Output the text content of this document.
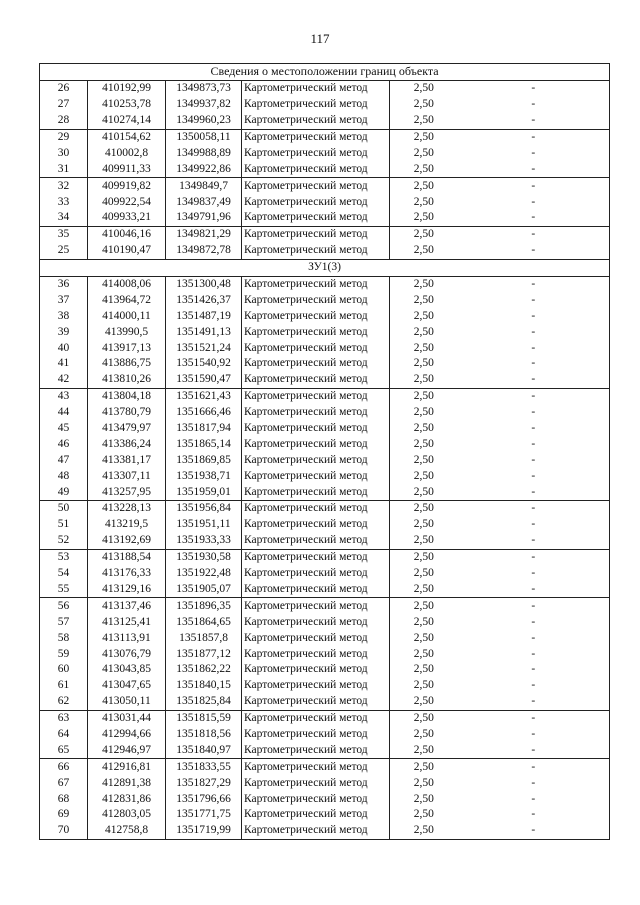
117
Сведения о местоположении границ объекта					
26	410192,99	1349873,73	Картометрический метод	2,50	-
27	410253,78	1349937,82	Картометрический метод	2,50	-
28	410274,14	1349960,23	Картометрический метод	2,50	-
29	410154,62	1350058,11	Картометрический метод	2,50	-
30	410002,8	1349988,89	Картометрический метод	2,50	-
31	409911,33	1349922,86	Картометрический метод	2,50	-
32	409919,82	1349849,7	Картометрический метод	2,50	-
33	409922,54	1349837,49	Картометрический метод	2,50	-
34	409933,21	1349791,96	Картометрический метод	2,50	-
35	410046,16	1349821,29	Картометрический метод	2,50	-
25	410190,47	1349872,78	Картометрический метод	2,50	-
ЗУ1(3)					
36	414008,06	1351300,48	Картометрический метод	2,50	-
37	413964,72	1351426,37	Картометрический метод	2,50	-
38	414000,11	1351487,19	Картометрический метод	2,50	-
39	413990,5	1351491,13	Картометрический метод	2,50	-
40	413917,13	1351521,24	Картометрический метод	2,50	-
41	413886,75	1351540,92	Картометрический метод	2,50	-
42	413810,26	1351590,47	Картометрический метод	2,50	-
43	413804,18	1351621,43	Картометрический метод	2,50	-
44	413780,79	1351666,46	Картометрический метод	2,50	-
45	413479,97	1351817,94	Картометрический метод	2,50	-
46	413386,24	1351865,14	Картометрический метод	2,50	-
47	413381,17	1351869,85	Картометрический метод	2,50	-
48	413307,11	1351938,71	Картометрический метод	2,50	-
49	413257,95	1351959,01	Картометрический метод	2,50	-
50	413228,13	1351956,84	Картометрический метод	2,50	-
51	413219,5	1351951,11	Картометрический метод	2,50	-
52	413192,69	1351933,33	Картометрический метод	2,50	-
53	413188,54	1351930,58	Картометрический метод	2,50	-
54	413176,33	1351922,48	Картометрический метод	2,50	-
55	413129,16	1351905,07	Картометрический метод	2,50	-
56	413137,46	1351896,35	Картометрический метод	2,50	-
57	413125,41	1351864,65	Картометрический метод	2,50	-
58	413113,91	1351857,8	Картометрический метод	2,50	-
59	413076,79	1351877,12	Картометрический метод	2,50	-
60	413043,85	1351862,22	Картометрический метод	2,50	-
61	413047,65	1351840,15	Картометрический метод	2,50	-
62	413050,11	1351825,84	Картометрический метод	2,50	-
63	413031,44	1351815,59	Картометрический метод	2,50	-
64	412994,66	1351818,56	Картометрический метод	2,50	-
65	412946,97	1351840,97	Картометрический метод	2,50	-
66	412916,81	1351833,55	Картометрический метод	2,50	-
67	412891,38	1351827,29	Картометрический метод	2,50	-
68	412831,86	1351796,66	Картометрический метод	2,50	-
69	412803,05	1351771,75	Картометрический метод	2,50	-
70	412758,8	1351719,99	Картометрический метод	2,50	-
